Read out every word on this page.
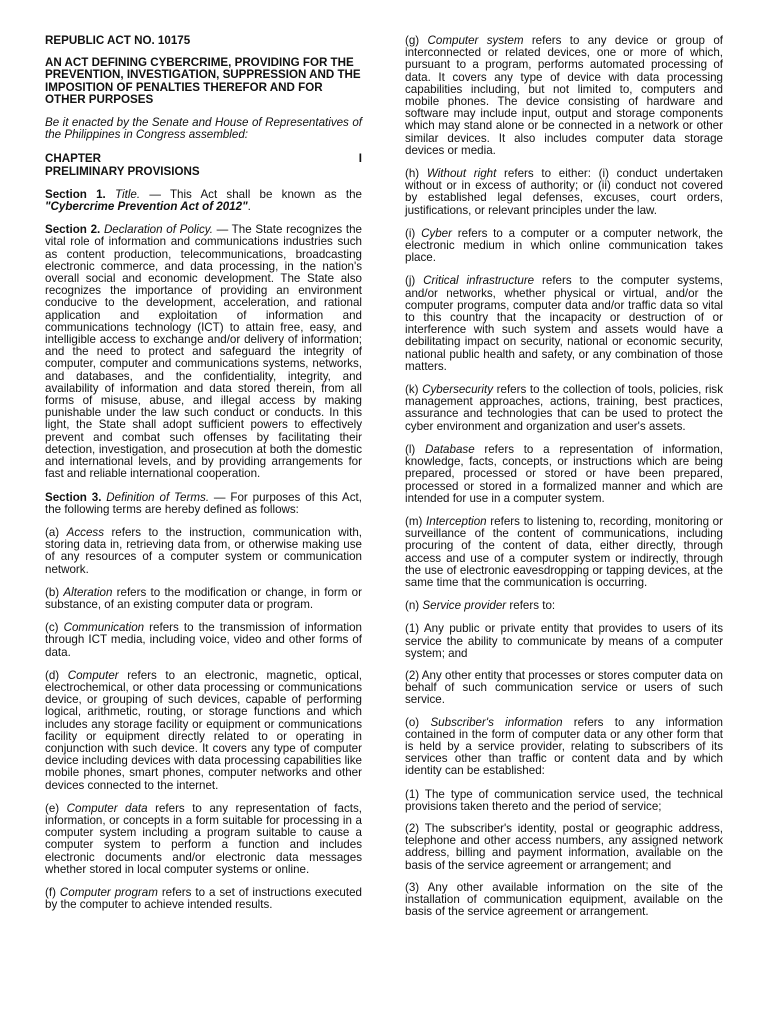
REPUBLIC ACT NO. 10175

AN ACT DEFINING CYBERCRIME, PROVIDING FOR THE PREVENTION, INVESTIGATION, SUPPRESSION AND THE IMPOSITION OF PENALTIES THEREFOR AND FOR OTHER PURPOSES

Be it enacted by the Senate and House of Representatives of the Philippines in Congress assembled:

CHAPTER	I

PRELIMINARY PROVISIONS

Section 1. Title. — This Act shall be known as the "Cybercrime Prevention Act of 2012".

Section 2. Declaration of Policy. — The State recognizes the vital role of information and communications industries such as content production, telecommunications, broadcasting electronic commerce, and data processing, in the nation's overall social and economic development. The State also recognizes the importance of providing an environment conducive to the development, acceleration, and rational application and exploitation of information and communications technology (ICT) to attain free, easy, and intelligible access to exchange and/or delivery of information; and the need to protect and safeguard the integrity of computer, computer and communications systems, networks, and databases, and the confidentiality, integrity, and availability of information and data stored therein, from all forms of misuse, abuse, and illegal access by making punishable under the law such conduct or conducts. In this light, the State shall adopt sufficient powers to effectively prevent and combat such offenses by facilitating their detection, investigation, and prosecution at both the domestic and international levels, and by providing arrangements for fast and reliable international cooperation.

Section 3. Definition of Terms. — For purposes of this Act, the following terms are hereby defined as follows:

(a) Access refers to the instruction, communication with, storing data in, retrieving data from, or otherwise making use of any resources of a computer system or communication network.

(b) Alteration refers to the modification or change, in form or substance, of an existing computer data or program.

(c) Communication refers to the transmission of information through ICT media, including voice, video and other forms of data.

(d) Computer refers to an electronic, magnetic, optical, electrochemical, or other data processing or communications device, or grouping of such devices, capable of performing logical, arithmetic, routing, or storage functions and which includes any storage facility or equipment or communications facility or equipment directly related to or operating in conjunction with such device. It covers any type of computer device including devices with data processing capabilities like mobile phones, smart phones, computer networks and other devices connected to the internet.

(e) Computer data refers to any representation of facts, information, or concepts in a form suitable for processing in a computer system including a program suitable to cause a computer system to perform a function and includes electronic documents and/or electronic data messages whether stored in local computer systems or online.

(f) Computer program refers to a set of instructions executed by the computer to achieve intended results.

(g) Computer system refers to any device or group of interconnected or related devices, one or more of which, pursuant to a program, performs automated processing of data. It covers any type of device with data processing capabilities including, but not limited to, computers and mobile phones. The device consisting of hardware and software may include input, output and storage components which may stand alone or be connected in a network or other similar devices. It also includes computer data storage devices or media.

(h) Without right refers to either: (i) conduct undertaken without or in excess of authority; or (ii) conduct not covered by established legal defenses, excuses, court orders, justifications, or relevant principles under the law.

(i) Cyber refers to a computer or a computer network, the electronic medium in which online communication takes place.

(j) Critical infrastructure refers to the computer systems, and/or networks, whether physical or virtual, and/or the computer programs, computer data and/or traffic data so vital to this country that the incapacity or destruction of or interference with such system and assets would have a debilitating impact on security, national or economic security, national public health and safety, or any combination of those matters.

(k) Cybersecurity refers to the collection of tools, policies, risk management approaches, actions, training, best practices, assurance and technologies that can be used to protect the cyber environment and organization and user's assets.

(l) Database refers to a representation of information, knowledge, facts, concepts, or instructions which are being prepared, processed or stored or have been prepared, processed or stored in a formalized manner and which are intended for use in a computer system.

(m) Interception refers to listening to, recording, monitoring or surveillance of the content of communications, including procuring of the content of data, either directly, through access and use of a computer system or indirectly, through the use of electronic eavesdropping or tapping devices, at the same time that the communication is occurring.

(n) Service provider refers to:

(1) Any public or private entity that provides to users of its service the ability to communicate by means of a computer system; and

(2) Any other entity that processes or stores computer data on behalf of such communication service or users of such service.

(o) Subscriber's information refers to any information contained in the form of computer data or any other form that is held by a service provider, relating to subscribers of its services other than traffic or content data and by which identity can be established:

(1) The type of communication service used, the technical provisions taken thereto and the period of service;

(2) The subscriber's identity, postal or geographic address, telephone and other access numbers, any assigned network address, billing and payment information, available on the basis of the service agreement or arrangement; and

(3) Any other available information on the site of the installation of communication equipment, available on the basis of the service agreement or arrangement.
